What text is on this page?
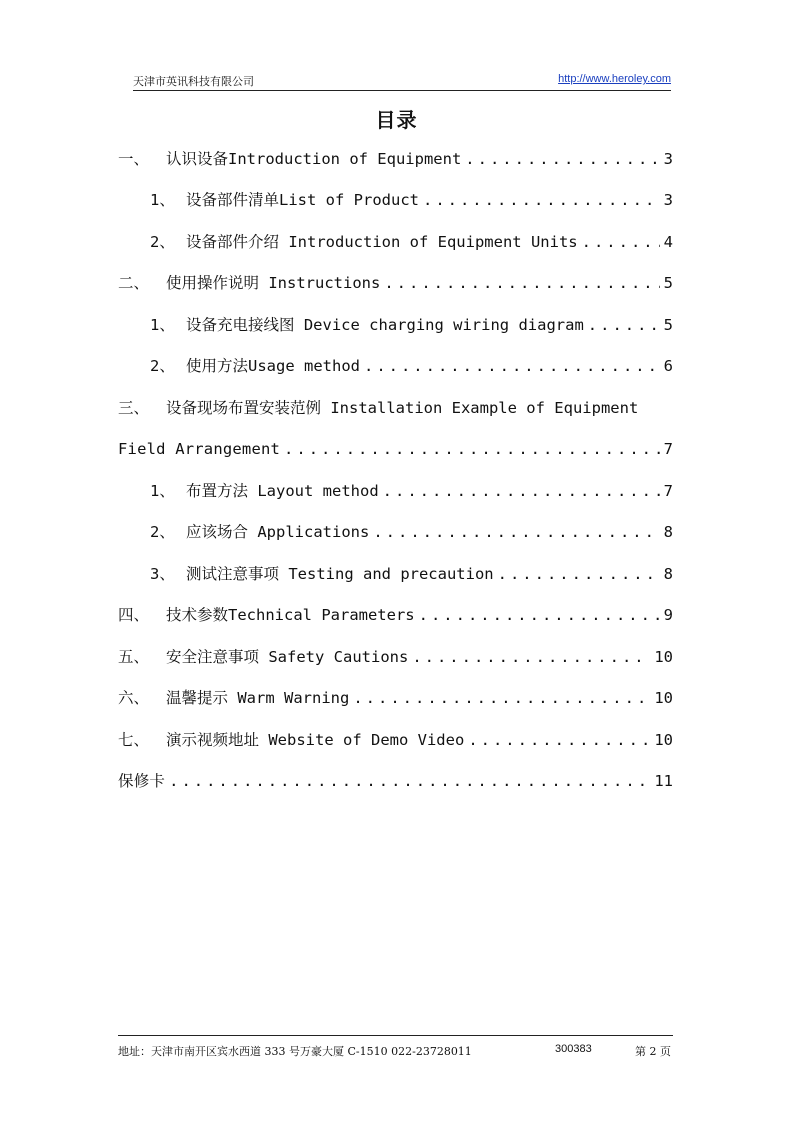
天津市英讯科技有限公司	http://www.heroley.com
目录
一、	认识设备Introduction of Equipment .....	3
1、 设备部件清单List of Product .....	3
2、 设备部件介绍 Introduction of Equipment Units .....	4
二、	使用操作说明 Instructions .....	5
1、 设备充电接线图 Device charging wiring diagram .....	5
2、 使用方法Usage method .....	6
三、	设备现场布置安装范例 Installation Example of Equipment
Field Arrangement .....	7
1、 布置方法 Layout method .....	7
2、 应该场合 Applications .....	8
3、 测试注意事项 Testing and precaution .....	8
四、	技术参数Technical Parameters .....	9
五、	安全注意事项 Safety Cautions .....	10
六、	温馨提示 Warm Warning .....	10
七、	演示视频地址 Website of Demo Video .....	10
保修卡 .....	11
地址：天津市南开区宾水西道 333 号万豪大厦 C-1510 022-23728011	300383	第 2 页
